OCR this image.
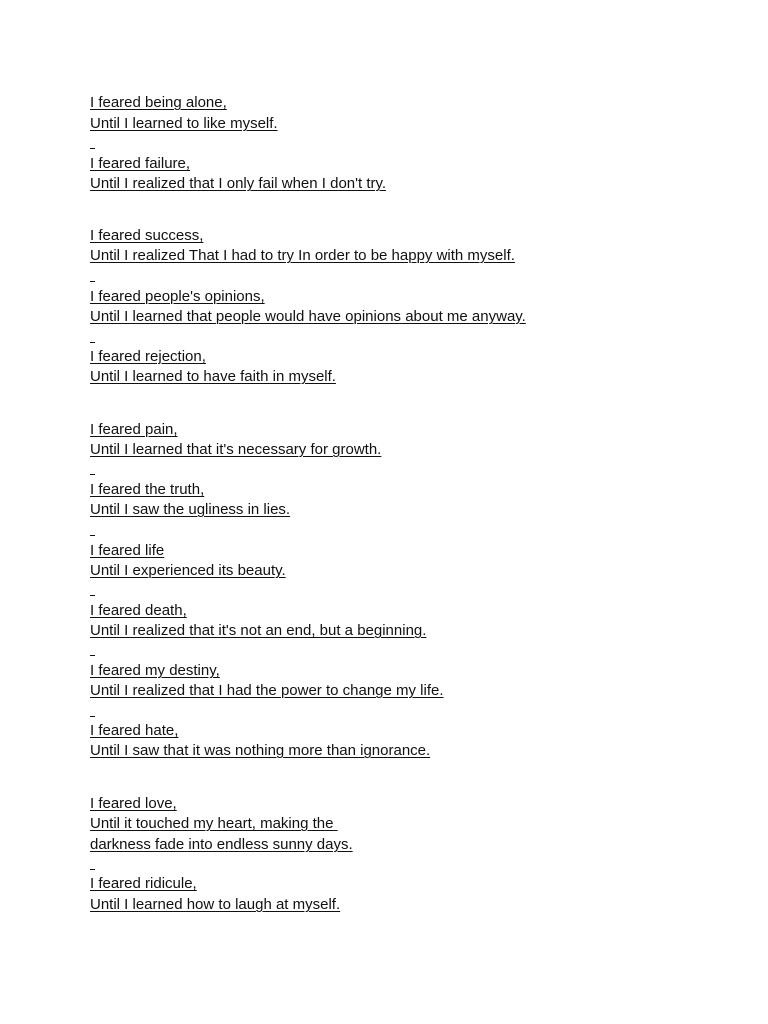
I feared being alone,

Until I learned to like myself.

I feared failure,

Until I realized that I only fail when I don't try.

I feared success,

Until I realized That I had to try In order to be happy with myself.

I feared people's opinions,

Until I learned that people would have opinions about me anyway.

I feared rejection,

Until I learned to have faith in myself.

I feared pain,

Until I learned that it's necessary for growth.

I feared the truth,

Until I saw the ugliness in lies.

I feared life

Until I experienced its beauty.

I feared death,

Until I realized that it's not an end, but a beginning.

I feared my destiny,

Until I realized that I had the power to change my life.

I feared hate,

Until I saw that it was nothing more than ignorance.

I feared love,

Until it touched my heart, making the

darkness fade into endless sunny days.

I feared ridicule,

Until I learned how to laugh at myself.
